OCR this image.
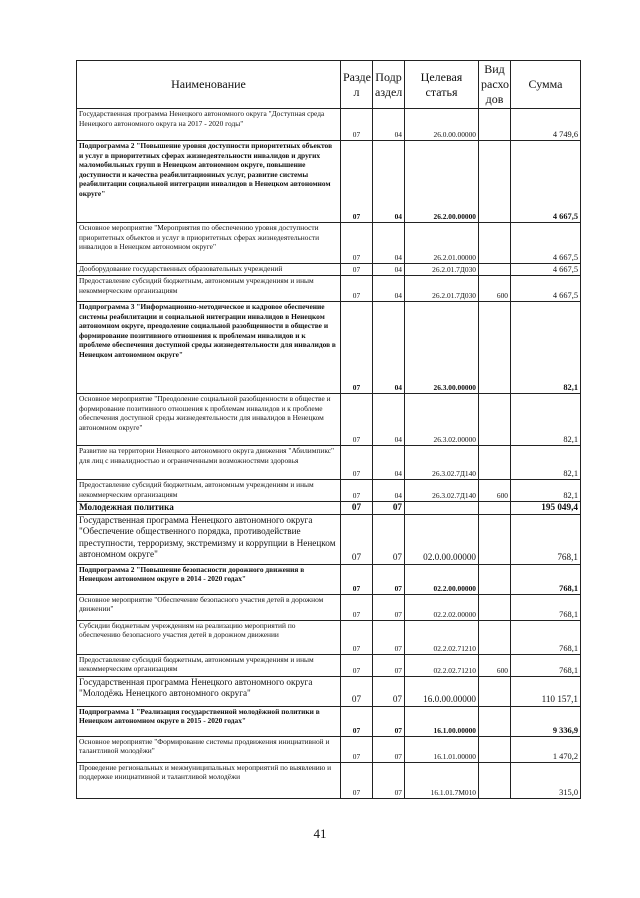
Наименование	Разде л	Подр аздел	Целевая статья	Вид расхо дов	Сумма
Государственная программа Ненецкого автономного округа "Доступная среда Ненецкого автономного округа на 2017 - 2020 годы"	07	04	26.0.00.00000		4 749,6
Подпрограмма 2 "Повышение уровня доступности приоритетных объектов и услуг в приоритетных сферах жизнедеятельности инвалидов и других маломобильных групп в Ненецком автономном округе, повышение доступности и качества реабилитационных услуг, развитие системы реабилитации социальной интеграции инвалидов в Ненецком автономном округе"	07	04	26.2.00.00000		4 667,5
Основное мероприятие "Мероприятия по обеспечению уровня доступности приоритетных объектов и услуг в приоритетных сферах жизнедеятельности инвалидов в Ненецком автономном округе"	07	04	26.2.01.00000		4 667,5
Дооборудование государственных образовательных учреждений	07	04	26.2.01.7Д030		4 667,5
Предоставление субсидий бюджетным, автономным учреждениям и иным некоммерческим организациям	07	04	26.2.01.7Д030	600	4 667,5
Подпрограмма 3 "Информационно-методическое и кадровое обеспечение системы реабилитации и социальной интеграции инвалидов в Ненецком автономном округе, преодоление социальной разобщенности в обществе и формирование позитивного отношения к проблемам инвалидов и к проблеме обеспечения доступной среды жизнедеятельности для инвалидов в Ненецком автономном округе"	07	04	26.3.00.00000		82,1
Основное мероприятие "Преодоление социальной разобщенности в обществе и формирование позитивного отношения к проблемам инвалидов и к проблеме обеспечения доступной среды жизнедеятельности для инвалидов в Ненецком автономном округе"	07	04	26.3.02.00000		82,1
Развитие на территории Ненецкого автономного округа движения "Абилимпикс" для лиц с инвалидностью и ограниченными возможностями здоровья	07	04	26.3.02.7Д140		82,1
Предоставление субсидий бюджетным, автономным учреждениям и иным некоммерческим организациям	07	04	26.3.02.7Д140	600	82,1
Молодежная политика	07	07			195 049,4
Государственная программа Ненецкого автономного округа "Обеспечение общественного порядка, противодействие преступности, терроризму, экстремизму и коррупции в Ненецком автономном округе"	07	07	02.0.00.00000		768,1
Подпрограмма 2 "Повышение безопасности дорожного движения в Ненецком автономном округе в 2014 - 2020 годах"	07	07	02.2.00.00000		768,1
Основное мероприятие "Обеспечение безопасного участия детей в дорожном движении"	07	07	02.2.02.00000		768,1
Субсидии бюджетным учреждениям на реализацию мероприятий по обеспечению безопасного участия детей в дорожном движении	07	07	02.2.02.71210		768,1
Предоставление субсидий бюджетным, автономным учреждениям и иным некоммерческим организациям	07	07	02.2.02.71210	600	768,1
Государственная программа Ненецкого автономного округа "Молодёжь Ненецкого автономного округа"	07	07	16.0.00.00000		110 157,1
Подпрограмма 1 "Реализация государственной молодёжной политики в Ненецком автономном округе в 2015 - 2020 годах"	07	07	16.1.00.00000		9 336,9
Основное мероприятие "Формирование системы продвижения инициативной и талантливой молодёжи"	07	07	16.1.01.00000		1 470,2
Проведение региональных и межмуниципальных мероприятий по выявлению и поддержке инициативной и талантливой молодёжи	07	07	16.1.01.7М010		315,0
41
